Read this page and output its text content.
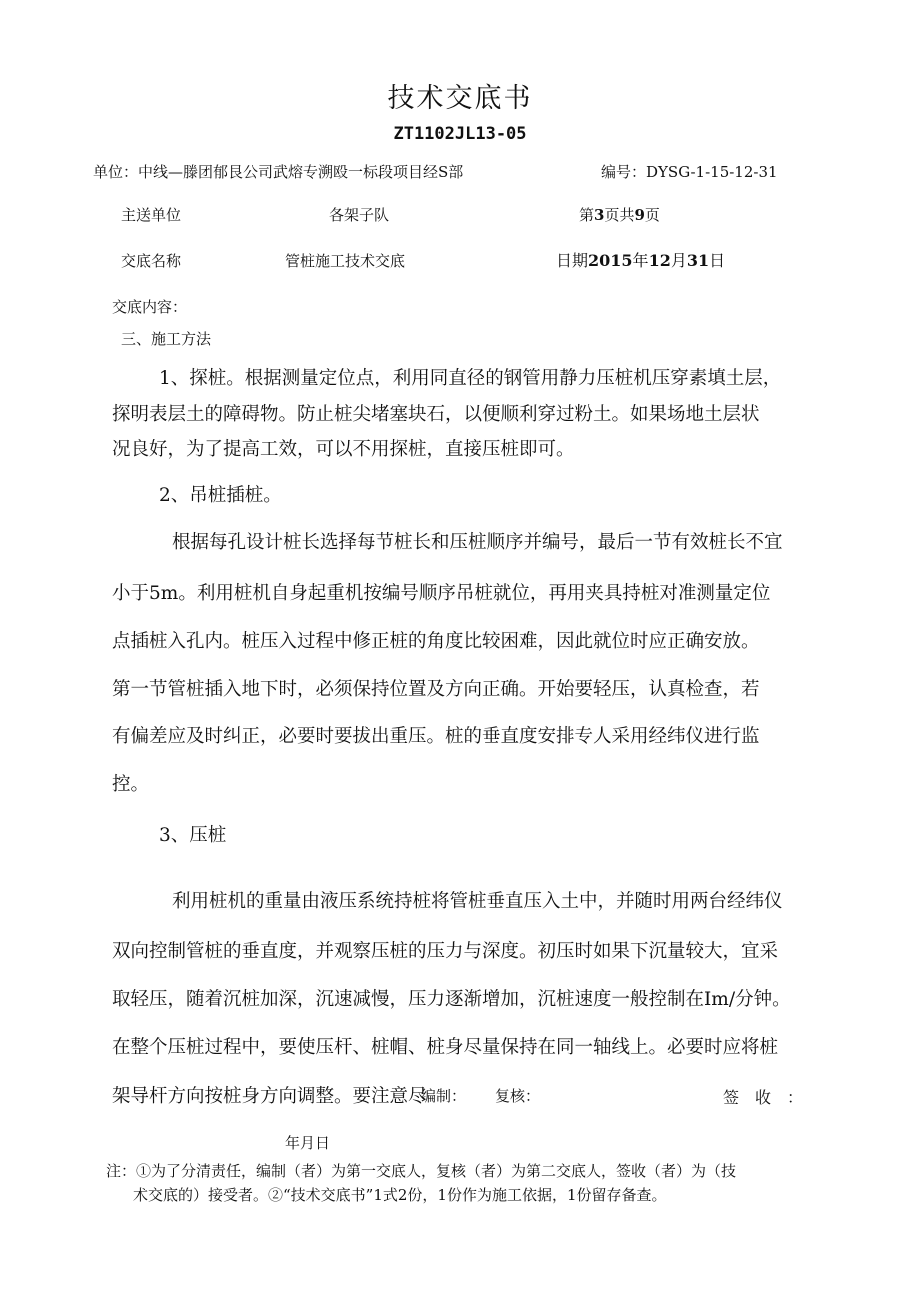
技术交底书
ZT1102JL13-05
单位：中线—滕团郁艮公司武熔专溯殴一标段项目经S部	编号：DYSG-1-15-12-31
主送单位	各架子队	第3页共9页
交底名称	管桩施工技术交底	日期2015年12月31日
交底内容：
三、施工方法
1、探桩。根据测量定位点，利用同直径的钢管用静力压桩机压穿素填土层，
探明表层土的障碍物。防止桩尖堵塞块石，以便顺利穿过粉土。如果场地土层状
况良好，为了提高工效，可以不用探桩，直接压桩即可。
2、吊桩插桩。
根据每孔设计桩长选择每节桩长和压桩顺序并编号，最后一节有效桩长不宜
小于5m。利用桩机自身起重机按编号顺序吊桩就位，再用夹具持桩对准测量定位
点插桩入孔内。桩压入过程中修正桩的角度比较困难，因此就位时应正确安放。
第一节管桩插入地下时，必须保持位置及方向正确。开始要轻压，认真检查，若
有偏差应及时纠正，必要时要拔出重压。桩的垂直度安排专人采用经纬仪进行监
控。
3、压桩
利用桩机的重量由液压系统持桩将管桩垂直压入土中，并随时用两台经纬仪
双向控制管桩的垂直度，并观察压桩的压力与深度。初压时如果下沉量较大，宜采
取轻压，随着沉桩加深，沉速减慢，压力逐渐增加，沉桩速度一般控制在Im/分钟。
在整个压桩过程中，要使压杆、桩帽、桩身尽量保持在同一轴线上。必要时应将桩
架导杆方向按桩身方向调整。要注意尽
编制： 复核：	签　收　：
年月日
注：①为了分清责任，编制（者）为第一交底人，复核（者）为第二交底人，签收（者）为（技
术交底的）接受者。②“技术交底书”1式2份，1份作为施工依据，1份留存备查。
